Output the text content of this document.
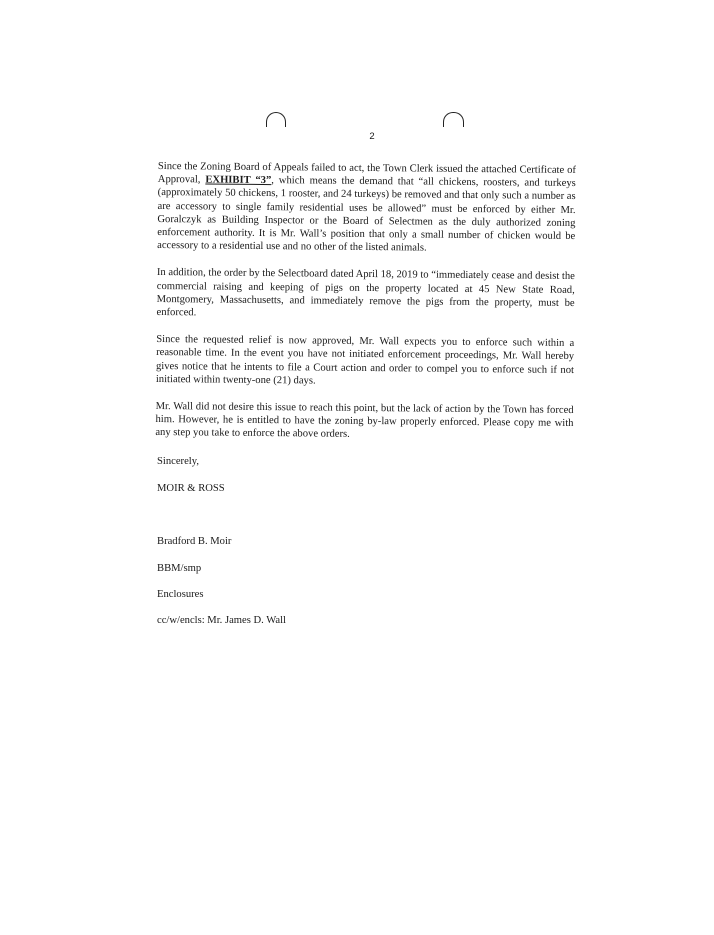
2

Since the Zoning Board of Appeals failed to act, the Town Clerk issued the attached Certificate of Approval, EXHIBIT “3”, which means the demand that “all chickens, roosters, and turkeys (approximately 50 chickens, 1 rooster, and 24 turkeys) be removed and that only such a number as are accessory to single family residential uses be allowed” must be enforced by either Mr. Goralczyk as Building Inspector or the Board of Selectmen as the duly authorized zoning enforcement authority. It is Mr. Wall’s position that only a small number of chicken would be accessory to a residential use and no other of the listed animals.

In addition, the order by the Selectboard dated April 18, 2019 to “immediately cease and desist the commercial raising and keeping of pigs on the property located at 45 New State Road, Montgomery, Massachusetts, and immediately remove the pigs from the property, must be enforced.

Since the requested relief is now approved, Mr. Wall expects you to enforce such within a reasonable time. In the event you have not initiated enforcement proceedings, Mr. Wall hereby gives notice that he intents to file a Court action and order to compel you to enforce such if not initiated within twenty-one (21) days.

Mr. Wall did not desire this issue to reach this point, but the lack of action by the Town has forced him. However, he is entitled to have the zoning by-law properly enforced. Please copy me with any step you take to enforce the above orders.

Sincerely,
MOIR & ROSS
Bradford B. Moir
BBM/smp
Enclosures
cc/w/encls: Mr. James D. Wall
